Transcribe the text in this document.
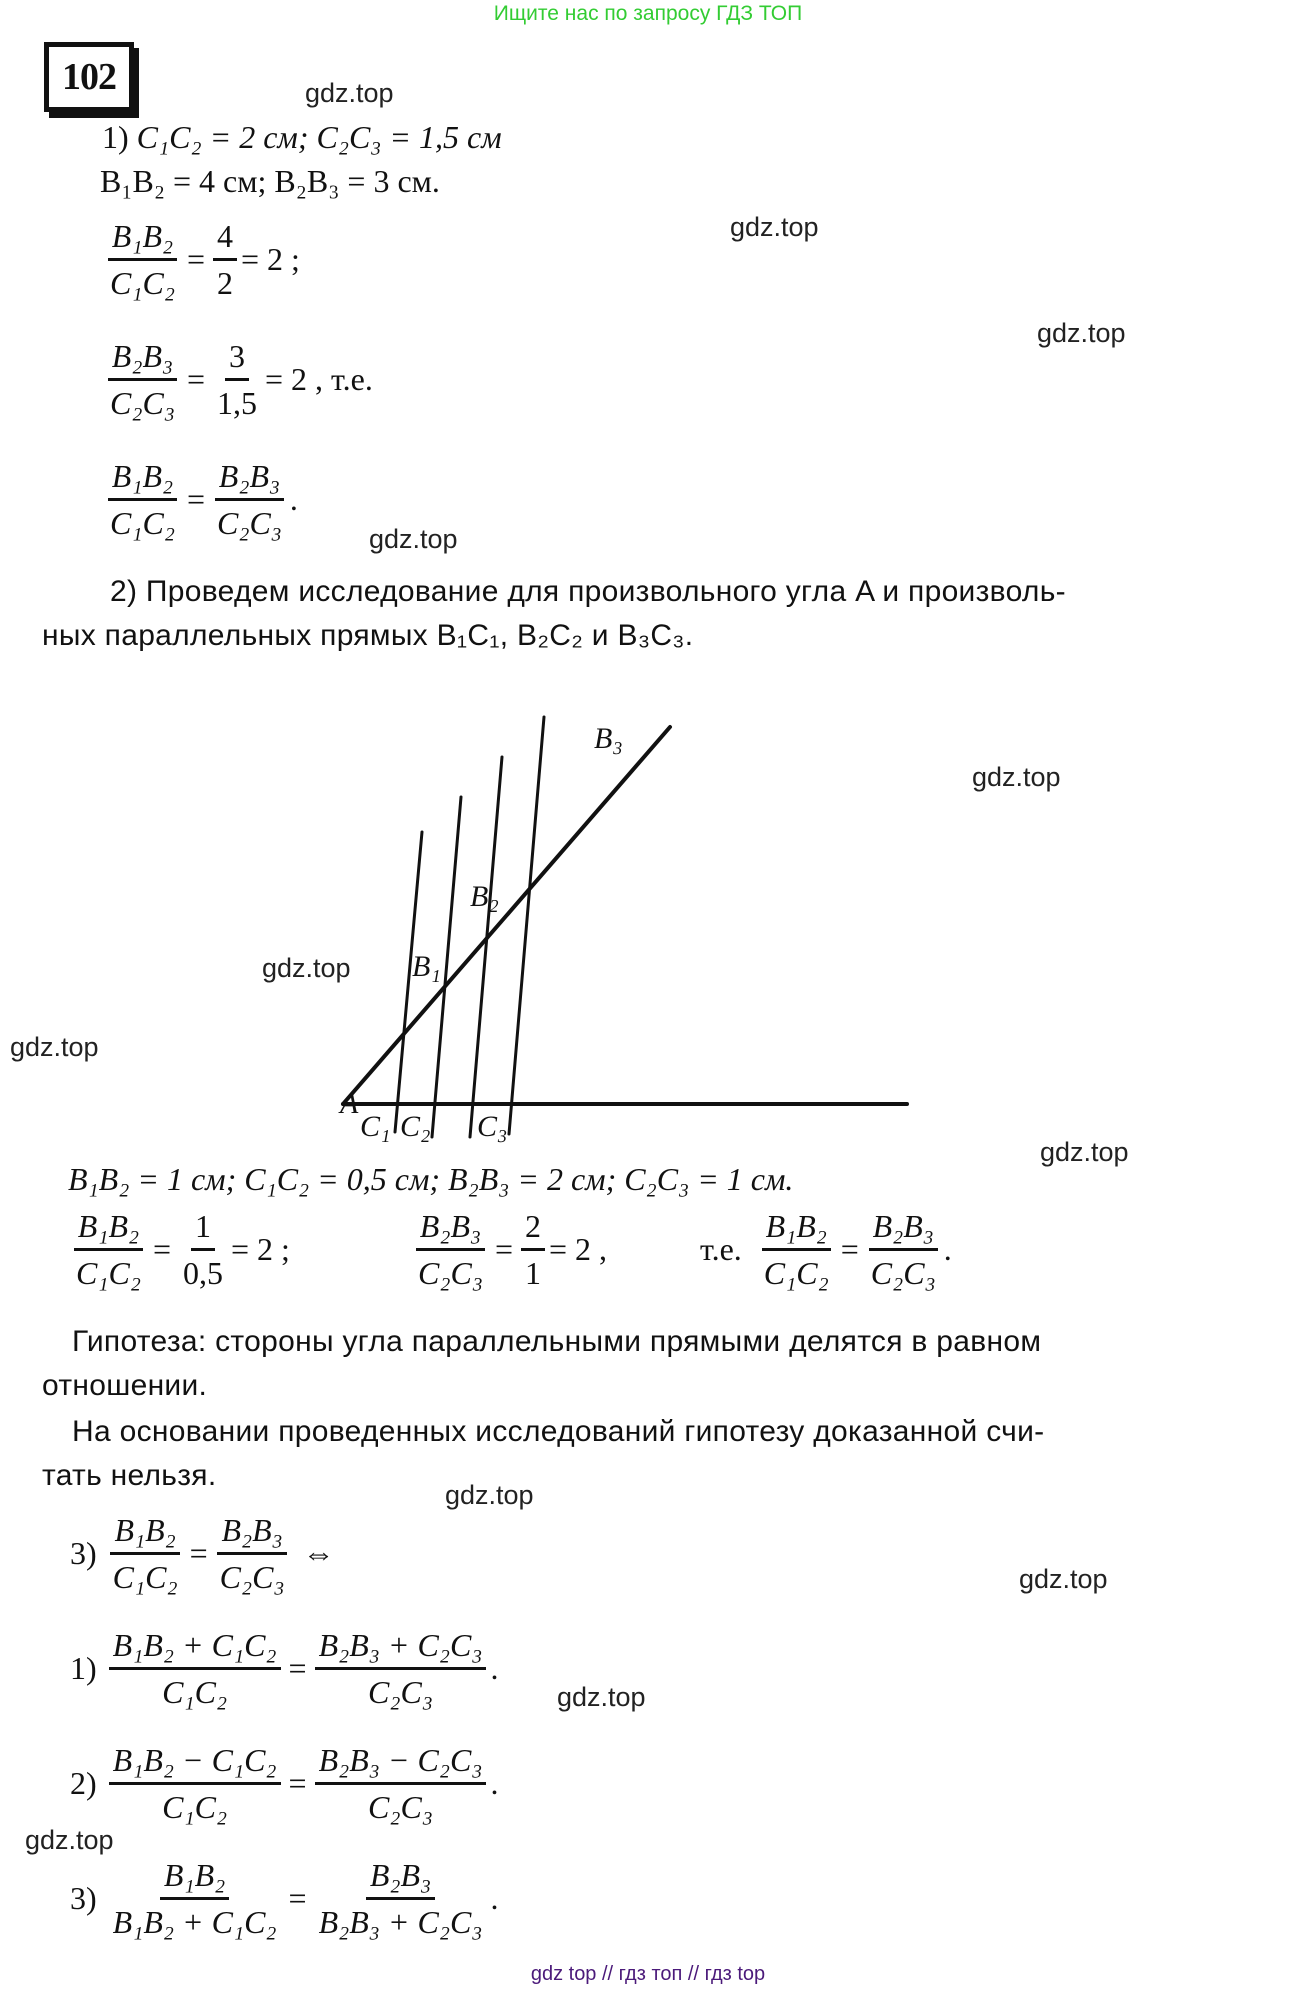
Ищите нас по запросу ГДЗ ТОП
102	gdz.top
gdz.top
gdz.top
gdz.top
gdz.top
gdz.top
gdz.top
gdz.top
gdz.top
gdz.top
gdz.top
gdz.top
1) C₁C₂ = 2 см; C₂C₃ = 1,5 см
B₁B₂ = 4 см; B₂B₃ = 3 см.
$\frac{\text{B₁B₂}}{\text{C₁C₂}} = \frac{4}{2} = 2$ ;
$\frac{\text{B₂B₃}}{\text{C₂C₃}} = \frac{3}{1,5} = 2$ , т.е.
$\frac{\text{B₁B₂}}{\text{C₁C₂}} = \frac{\text{B₂B₃}}{\text{C₂C₃}}$ .
2) Проведем исследование для произвольного угла A и произволь-
ных параллельных прямых B₁C₁, B₂C₂ и B₃C₃.
A
B₁
B₂
B₃
C₁ C₂ C₃
B₁B₂ = 1 см; C₁C₂ = 0,5 см; B₂B₃ = 2 см; C₂C₃ = 1 см.
$\frac{\text{B₁B₂}}{\text{C₁C₂}} = \frac{1}{0,5} = 2$ ;	$\frac{\text{B₂B₃}}{\text{C₂C₃}} = \frac{2}{1} = 2$ ,	т.е. $\frac{\text{B₁B₂}}{\text{C₁C₂}} = \frac{\text{B₂B₃}}{\text{C₂C₃}}$ .
Гипотеза: стороны угла параллельными прямыми делятся в равном
отношении.
На основании проведенных исследований гипотезу доказанной счи-
тать нельзя.
$3) \frac{\text{B₁B₂}}{\text{C₁C₂}} = \frac{\text{B₂B₃}}{\text{C₂C₃}}$ ⇔
$1) \frac{\text{B₁B₂ + C₁C₂}}{\text{C₁C₂}} = \frac{\text{B₂B₃ + C₂C₃}}{\text{C₂C₃}}$ .
$2) \frac{\text{B₁B₂ − C₁C₂}}{\text{C₁C₂}} = \frac{\text{B₂B₃ − C₂C₃}}{\text{C₂C₃}}$ .
$3) \frac{\text{B₁B₂}}{\text{B₁B₂ + C₁C₂}} = \frac{\text{B₂B₃}}{\text{B₂B₃ + C₂C₃}}$ .
gdz top // гдз топ // гдз top
